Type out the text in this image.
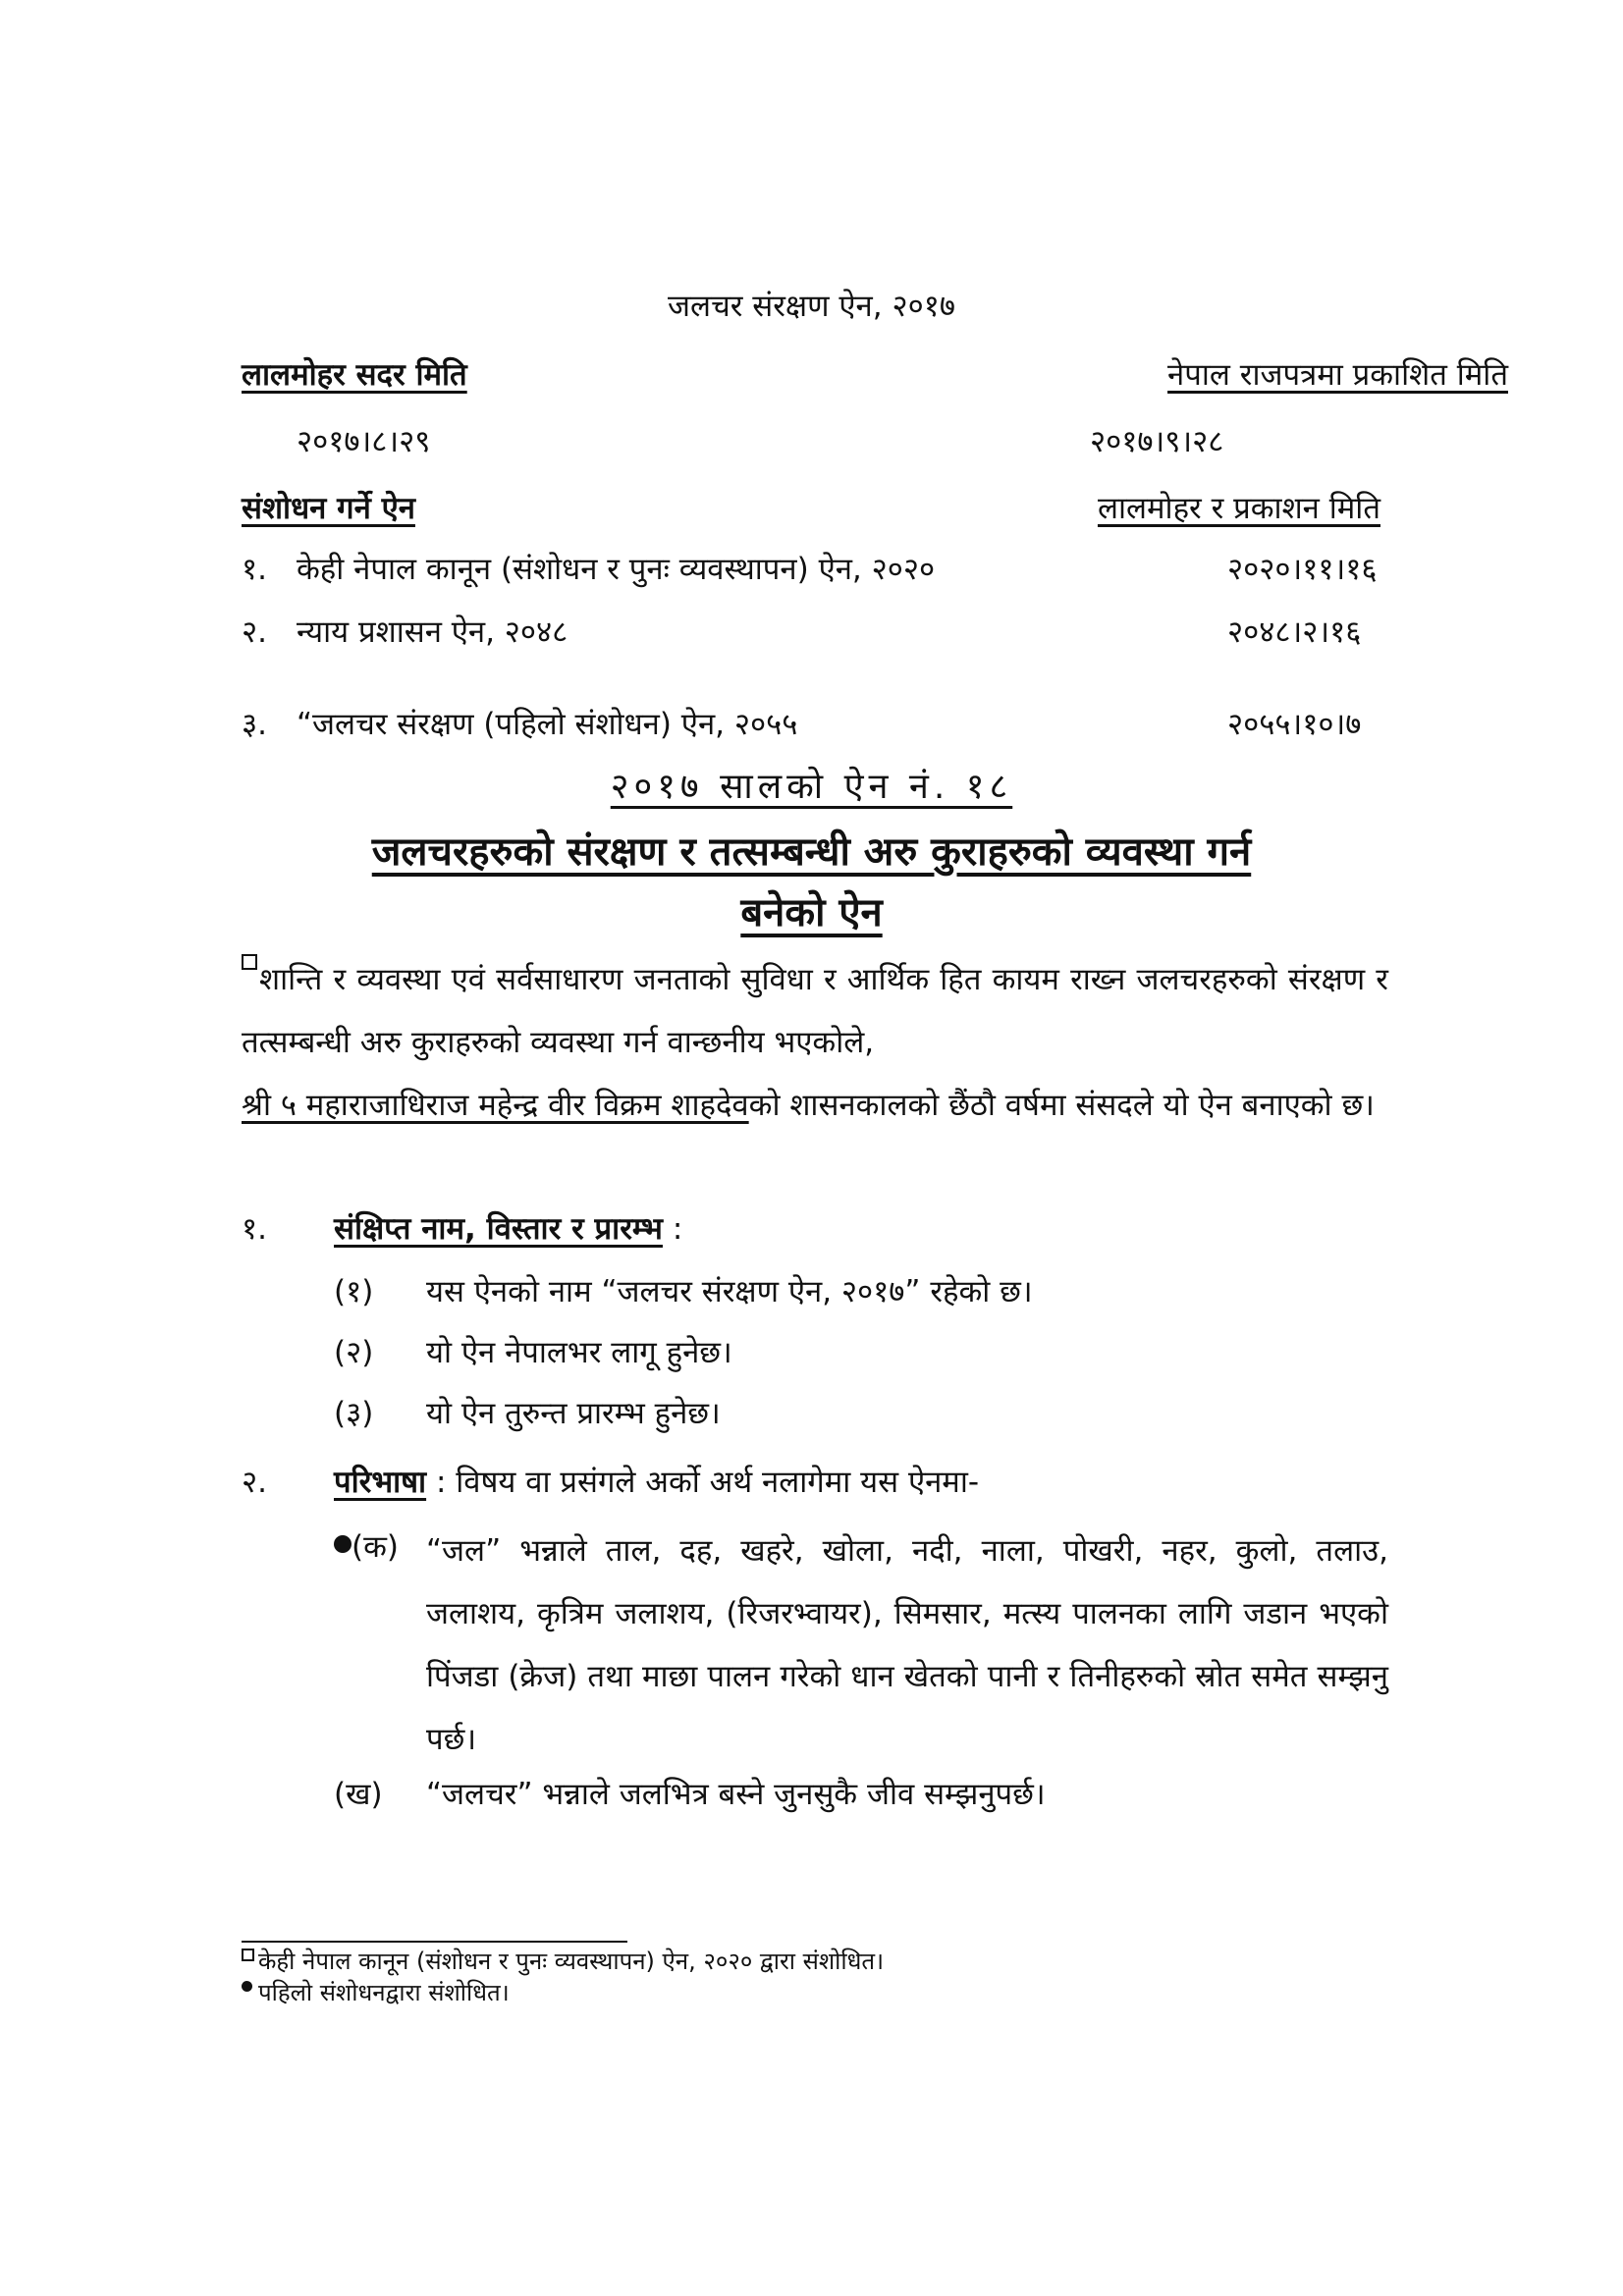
जलचर संरक्षण ऐन, २०१७
लालमोहर सदर मिति	नेपाल राजपत्रमा प्रकाशित मिति
२०१७।८।२९	२०१७।९।२८
संशोधन गर्ने ऐन	लालमोहर र प्रकाशन मिति
१. केही नेपाल कानून (संशोधन र पुनः व्यवस्थापन) ऐन, २०२०	२०२०।११।१६
२. न्याय प्रशासन ऐन, २०४८	२०४८।२।१६
३. “जलचर संरक्षण (पहिलो संशोधन) ऐन, २०५५	२०५५।१०।७
२०१७ सालको ऐन नं. १८
जलचरहरुको संरक्षण र तत्सम्बन्धी अरु कुराहरुको व्यवस्था गर्न
बनेको ऐन
शान्ति र व्यवस्था एवं सर्वसाधारण जनताको सुविधा र आर्थिक हित कायम राख्न जलचरहरुको संरक्षण र तत्सम्बन्धी अरु कुराहरुको व्यवस्था गर्न वान्छनीय भएकोले,
श्री ५ महाराजाधिराज महेन्द्र वीर विक्रम शाहदेवको शासनकालको छैंठौ वर्षमा संसदले यो ऐन बनाएको छ।
१. संक्षिप्त नाम, विस्तार र प्रारम्भ :
(१) यस ऐनको नाम “जलचर संरक्षण ऐन, २०१७” रहेको छ।
(२) यो ऐन नेपालभर लागू हुनेछ।
(३) यो ऐन तुरुन्त प्रारम्भ हुनेछ।
२. परिभाषा : विषय वा प्रसंगले अर्को अर्थ नलागेमा यस ऐनमा-
(क) “जल” भन्नाले ताल, दह, खहरे, खोला, नदी, नाला, पोखरी, नहर, कुलो, तलाउ, जलाशय, कृत्रिम जलाशय, (रिजरभ्वायर), सिमसार, मत्स्य पालनका लागि जडान भएको पिंजडा (क्रेज) तथा माछा पालन गरेको धान खेतको पानी र तिनीहरुको स्रोत समेत सम्झनु पर्छ।
(ख) “जलचर” भन्नाले जलभित्र बस्ने जुनसुकै जीव सम्झनुपर्छ।
केही नेपाल कानून (संशोधन र पुनः व्यवस्थापन) ऐन, २०२० द्वारा संशोधित।
पहिलो संशोधनद्वारा संशोधित।
